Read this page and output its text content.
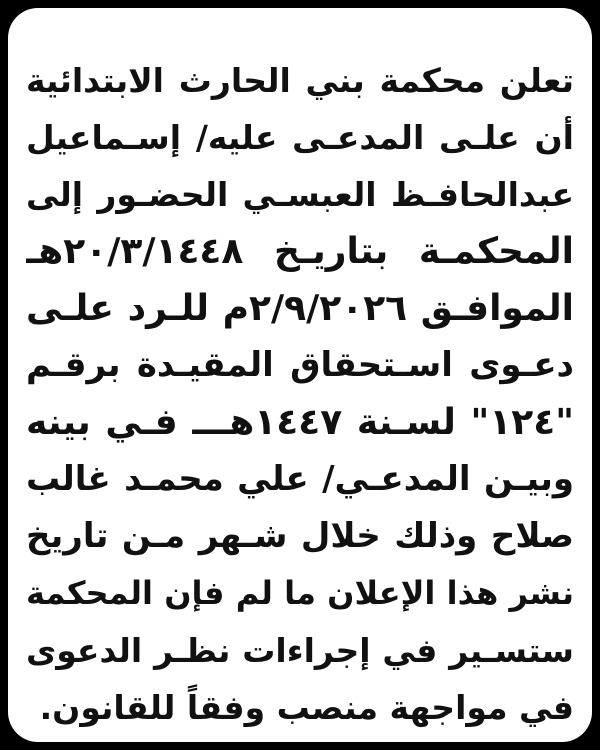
تعلن محكمة بني الحارث الابتدائية
أن علـى المدعـى عليه/ إسـماعيل
عبدالحافـظ العبسـي الحضـور إلى
المحكمـة بتاريـخ ٢٠/٣/١٤٤٨هـ
الموافـق ٢/٩/٢٠٢٦م للـرد علـى
دعـوى اسـتحقاق المقيـدة برقـم
"١٢٤" لسـنة ١٤٤٧هـــ فـي بينه
وبيـن المدعـي/ علي محمـد غالب
صلاح وذلك خلال شـهر مـن تاريخ
نشر هذا الإعلان ما لم فإن المحكمة
ستسـير في إجراءات نظـر الدعوى
في مواجهة منصب وفقاً للقانون.
